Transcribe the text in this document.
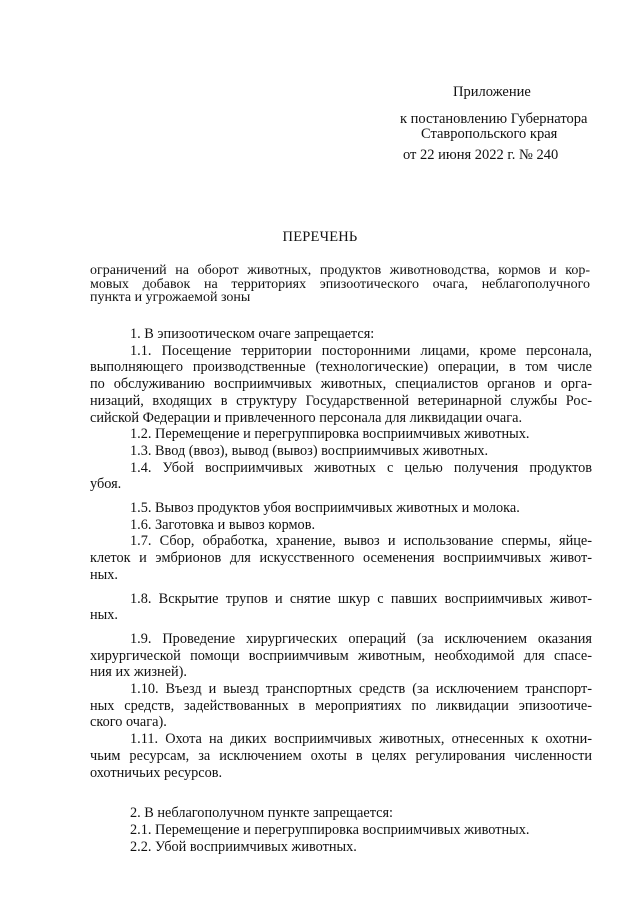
Приложение
к постановлению Губернатора
Ставропольского края
от 22 июня 2022 г. № 240
ПЕРЕЧЕНЬ
ограничений на оборот животных, продуктов животноводства, кормов и кор-
мовых добавок на территориях эпизоотического очага, неблагополучного
пункта и угрожаемой зоны
1. В эпизоотическом очаге запрещается:
1.1. Посещение территории посторонними лицами, кроме персонала,
выполняющего производственные (технологические) операции, в том числе
по обслуживанию восприимчивых животных, специалистов органов и орга-
низаций, входящих в структуру Государственной ветеринарной службы Рос-
сийской Федерации и привлеченного персонала для ликвидации очага.
1.2. Перемещение и перегруппировка восприимчивых животных.
1.3. Ввод (ввоз), вывод (вывоз) восприимчивых животных.
1.4. Убой восприимчивых животных с целью получения продуктов
убоя.
1.5. Вывоз продуктов убоя восприимчивых животных и молока.
1.6. Заготовка и вывоз кормов.
1.7. Сбор, обработка, хранение, вывоз и использование спермы, яйце-
клеток и эмбрионов для искусственного осеменения восприимчивых живот-
ных.
1.8. Вскрытие трупов и снятие шкур с павших восприимчивых живот-
ных.
1.9. Проведение хирургических операций (за исключением оказания
хирургической помощи восприимчивым животным, необходимой для спасе-
ния их жизней).
1.10. Въезд и выезд транспортных средств (за исключением транспорт-
ных средств, задействованных в мероприятиях по ликвидации эпизоотиче-
ского очага).
1.11. Охота на диких восприимчивых животных, отнесенных к охотни-
чьим ресурсам, за исключением охоты в целях регулирования численности
охотничьих ресурсов.
2. В неблагополучном пункте запрещается:
2.1. Перемещение и перегруппировка восприимчивых животных.
2.2. Убой восприимчивых животных.
